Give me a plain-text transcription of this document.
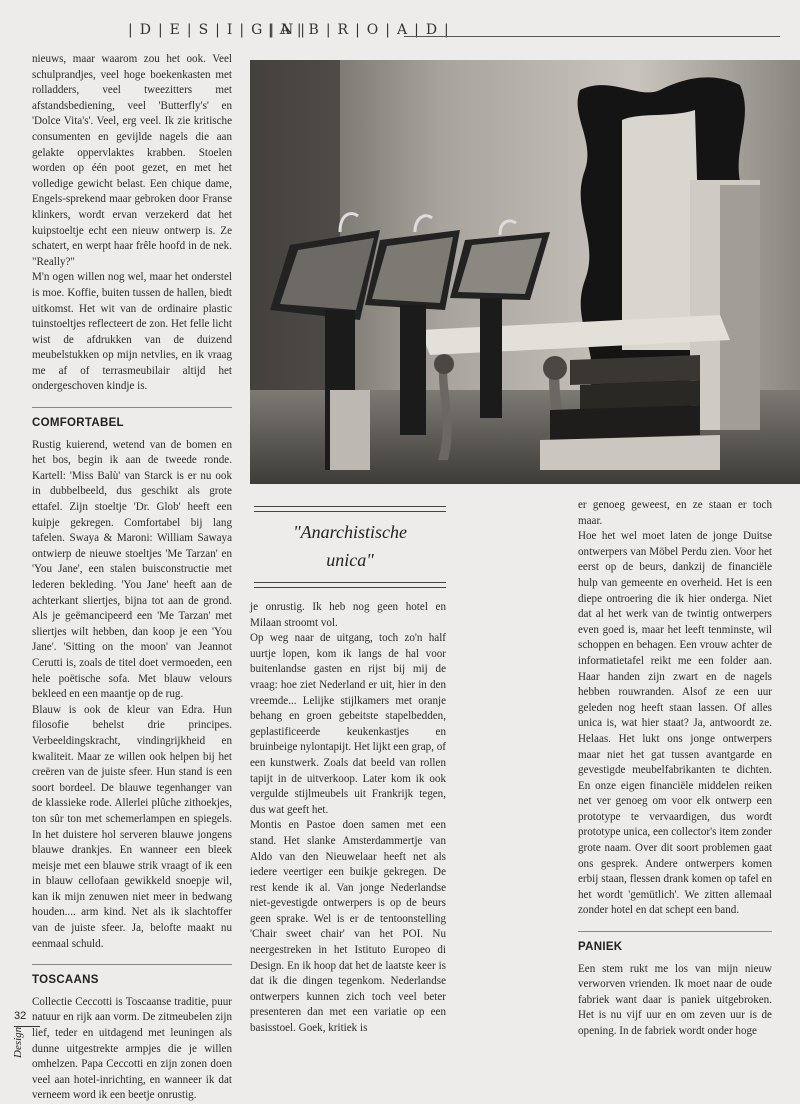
|D|E|S|I|G|N|
|A|B|R|O|A|D|

nieuws, maar waarom zou het ook. Veel schulprandjes, veel hoge boekenkasten met rolladders, veel tweezitters met afstandsbediening, veel 'Butterfly's' en 'Dolce Vita's'. Veel, erg veel. Ik zie kritische consumenten en gevijlde nagels die aan gelakte oppervlaktes krabben. Stoelen worden op één poot gezet, en met het volledige gewicht belast. Een chique dame, Engels-sprekend maar gebroken door Franse klinkers, wordt ervan verzekerd dat het kuipstoeltje echt een nieuw ontwerp is. Ze schatert, en werpt haar frêle hoofd in de nek. "Really?"

M'n ogen willen nog wel, maar het onderstel is moe. Koffie, buiten tussen de hallen, biedt uitkomst. Het wit van de ordinaire plastic tuinstoeltjes reflecteert de zon. Het felle licht wist de afdrukken van de duizend meubelstukken op mijn netvlies, en ik vraag me af of terrasmeubilair altijd het ondergeschoven kindje is.

COMFORTABEL

Rustig kuierend, wetend van de bomen en het bos, begin ik aan de tweede ronde. Kartell: 'Miss Balù' van Starck is er nu ook in dubbelbeeld, dus geschikt als grote ettafel. Zijn stoeltje 'Dr. Glob' heeft een kuipje gekregen. Comfortabel bij lang tafelen. Swaya & Maroni: William Sawaya ontwierp de nieuwe stoeltjes 'Me Tarzan' en 'You Jane', een stalen buisconstructie met lederen bekleding. 'You Jane' heeft aan de achterkant sliertjes, bijna tot aan de grond. Als je geëmancipeerd een 'Me Tarzan' met sliertjes wilt hebben, dan koop je een 'You Jane'. 'Sitting on the moon' van Jeannot Cerutti is, zoals de titel doet vermoeden, een hele poëtische sofa. Met blauw velours bekleed en een maantje op de rug.

Blauw is ook de kleur van Edra. Hun filosofie behelst drie principes. Verbeeldingskracht, vindingrijkheid en kwaliteit. Maar ze willen ook helpen bij het creëren van de juiste sfeer. Hun stand is een soort bordeel. De blauwe tegenhanger van de klassieke rode. Allerlei plûche zithoekjes, ton sûr ton met schemerlampen en spiegels. In het duistere hol serveren blauwe jongens blauwe drankjes. En wanneer een bleek meisje met een blauwe strik vraagt of ik een in blauw cellofaan gewikkeld snoepje wil, kan ik mijn zenuwen niet meer in bedwang houden.... arm kind. Net als ik slachtoffer van de juiste sfeer. Ja, belofte maakt nu eenmaal schuld.

TOSCAANS

Collectie Ceccotti is Toscaanse traditie, puur natuur en rijk aan vorm. De zitmeubelen zijn lief, teder en uitdagend met leuningen als dunne uitgestrekte armpjes die je willen omhelzen. Papa Ceccotti en zijn zonen doen veel aan hotel-inrichting, en wanneer ik dat verneem word ik een beetje onrustig.

"Anarchistische
unica"

je onrustig. Ik heb nog geen hotel en Milaan stroomt vol.

Op weg naar de uitgang, toch zo'n half uurtje lopen, kom ik langs de hal voor buitenlandse gasten en rijst bij mij de vraag: hoe ziet Nederland er uit, hier in den vreemde... Lelijke stijlkamers met oranje behang en groen gebeitste stapelbedden, geplastificeerde keukenkastjes en bruinbeige nylontapijt. Het lijkt een grap, of een kunstwerk. Zoals dat beeld van rollen tapijt in de uitverkoop. Later kom ik ook vergulde stijlmeubels uit Frankrijk tegen, dus wat geeft het.

Montis en Pastoe doen samen met een stand. Het slanke Amsterdammertje van Aldo van den Nieuwelaar heeft net als iedere veertiger een buikje gekregen. De rest kende ik al. Van jonge Nederlandse niet-gevestigde ontwerpers is op de beurs geen sprake. Wel is er de tentoonstelling 'Chair sweet chair' van het POI. Nu neergestreken in het Istituto Europeo di Design. En ik hoop dat het de laatste keer is dat ik die dingen tegenkom. Nederlandse ontwerpers kunnen zich toch veel beter presenteren dan met een variatie op een basisstoel. Goek, kritiek is

er genoeg geweest, en ze staan er toch maar.

Hoe het wel moet laten de jonge Duitse ontwerpers van Möbel Perdu zien. Voor het eerst op de beurs, dankzij de financiële hulp van gemeente en overheid. Het is een diepe ontroering die ik hier onderga. Niet dat al het werk van de twintig ontwerpers even goed is, maar het leeft tenminste, wil schoppen en behagen. Een vrouw achter de informatietafel reikt me een folder aan. Haar handen zijn zwart en de nagels hebben rouwranden. Alsof ze een uur geleden nog heeft staan lassen. Of alles unica is, wat hier staat? Ja, antwoordt ze. Helaas. Het lukt ons jonge ontwerpers maar niet het gat tussen avantgarde en gevestigde meubelfabrikanten te dichten. En onze eigen financiële middelen reiken net ver genoeg om voor elk ontwerp een prototype te vervaardigen, dus wordt prototype unica, een collector's item zonder grote naam. Over dit soort problemen gaat ons gesprek. Andere ontwerpers komen erbij staan, flessen drank komen op tafel en het wordt 'gemütlich'. We zitten allemaal zonder hotel en dat schept een band.

PANIEK

Een stem rukt me los van mijn nieuw verworven vrienden. Ik moet naar de oude fabriek want daar is paniek uitgebroken. Het is nu vijf uur en om zeven uur is de opening. In de fabriek wordt onder hoge

32
Design
